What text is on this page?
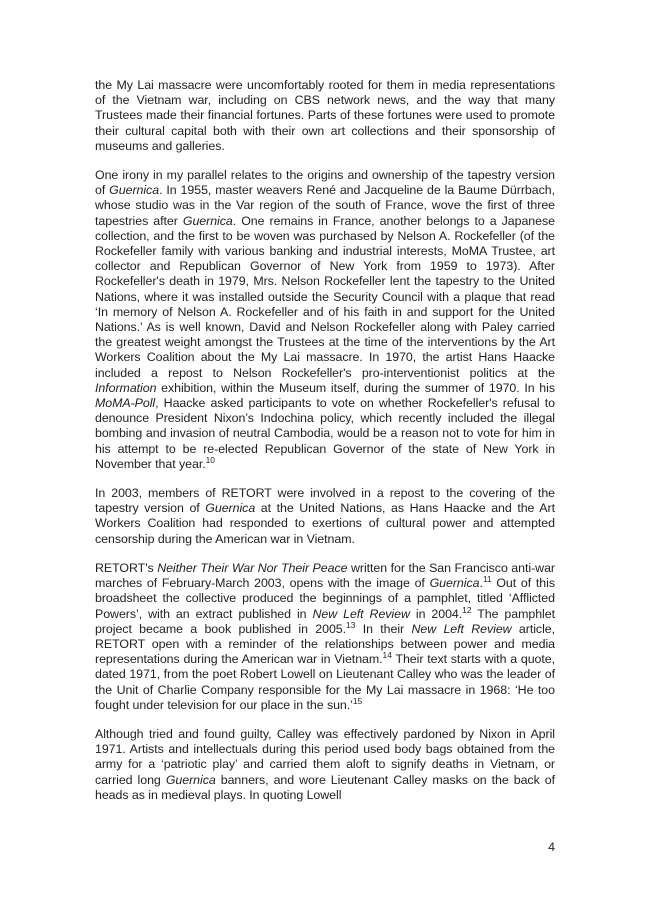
the My Lai massacre were uncomfortably rooted for them in media representations of the Vietnam war, including on CBS network news, and the way that many Trustees made their financial fortunes. Parts of these fortunes were used to promote their cultural capital both with their own art collections and their sponsorship of museums and galleries.

One irony in my parallel relates to the origins and ownership of the tapestry version of Guernica. In 1955, master weavers René and Jacqueline de la Baume Dürrbach, whose studio was in the Var region of the south of France, wove the first of three tapestries after Guernica. One remains in France, another belongs to a Japanese collection, and the first to be woven was purchased by Nelson A. Rockefeller (of the Rockefeller family with various banking and industrial interests, MoMA Trustee, art collector and Republican Governor of New York from 1959 to 1973). After Rockefeller's death in 1979, Mrs. Nelson Rockefeller lent the tapestry to the United Nations, where it was installed outside the Security Council with a plaque that read ‘In memory of Nelson A. Rockefeller and of his faith in and support for the United Nations.’ As is well known, David and Nelson Rockefeller along with Paley carried the greatest weight amongst the Trustees at the time of the interventions by the Art Workers Coalition about the My Lai massacre. In 1970, the artist Hans Haacke included a repost to Nelson Rockefeller's pro-interventionist politics at the Information exhibition, within the Museum itself, during the summer of 1970. In his MoMA-Poll, Haacke asked participants to vote on whether Rockefeller's refusal to denounce President Nixon’s Indochina policy, which recently included the illegal bombing and invasion of neutral Cambodia, would be a reason not to vote for him in his attempt to be re-elected Republican Governor of the state of New York in November that year.$^{10}$

In 2003, members of RETORT were involved in a repost to the covering of the tapestry version of Guernica at the United Nations, as Hans Haacke and the Art Workers Coalition had responded to exertions of cultural power and attempted censorship during the American war in Vietnam.

RETORT's Neither Their War Nor Their Peace written for the San Francisco anti-war marches of February-March 2003, opens with the image of Guernica.$^{11}$ Out of this broadsheet the collective produced the beginnings of a pamphlet, titled ‘Afflicted Powers’, with an extract published in New Left Review in 2004.12 The pamphlet project became a book published in 2005.13 In their New Left Review article, RETORT open with a reminder of the relationships between power and media representations during the American war in Vietnam.$^{14}$ Their text starts with a quote, dated 1971, from the poet Robert Lowell on Lieutenant Calley who was the leader of the Unit of Charlie Company responsible for the My Lai massacre in 1968: ‘He too fought under television for our place in the sun.’$^{15}$

Although tried and found guilty, Calley was effectively pardoned by Nixon in April 1971. Artists and intellectuals during this period used body bags obtained from the army for a ‘patriotic play’ and carried them aloft to signify deaths in Vietnam, or carried long Guernica banners, and wore Lieutenant Calley masks on the back of heads as in medieval plays. In quoting Lowell

4
